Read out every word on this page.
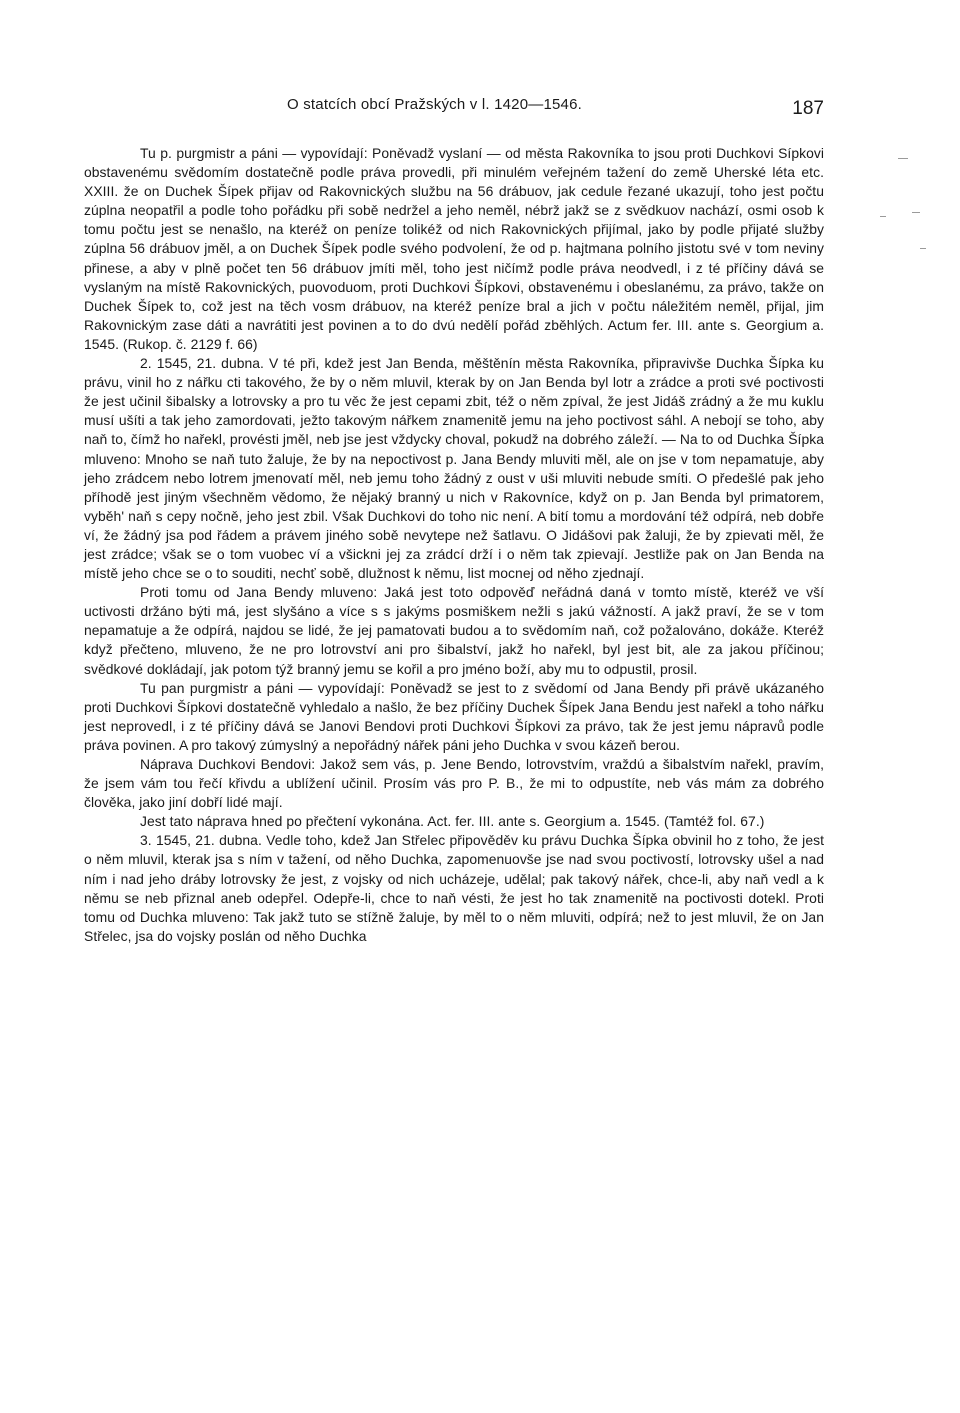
O statcích obcí Pražských v l. 1420—1546.	187

Tu p. purgmistr a páni — vypovídají: Poněvadž vyslaní — od města Rakovníka to jsou proti Duchkovi Sípkovi obstavenému svědomím dostatečně podle práva provedli, při minulém veřejném tažení do země Uherské léta etc. XXIII. že on Duchek Šípek přijav od Rakovnických službu na 56 drábuov, jak cedule řezané ukazují, toho jest počtu zúplna neopatřil a podle toho pořádku při sobě nedržel a jeho neměl, nébrž jakž se z svědkuov nachází, osmi osob k tomu počtu jest se nenašlo, na kteréž on peníze tolikéž od nich Rakovnických přijímal, jako by podle přijaté služby zúplna 56 drábuov jměl, a on Duchek Šípek podle svého podvolení, že od p. hajtmana polního jistotu své v tom neviny přinese, a aby v plně počet ten 56 drábuov jmíti měl, toho jest ničímž podle práva neodvedl, i z té příčiny dává se vyslaným na místě Rakovnických, puovoduom, proti Duchkovi Šípkovi, obstavenému i obeslanému, za právo, takže on Duchek Šípek to, což jest na těch vosm drábuov, na kteréž peníze bral a jich v počtu náležitém neměl, přijal, jim Rakovnickým zase dáti a navrátiti jest povinen a to do dvú nedělí pořád zběhlých. Actum fer. III. ante s. Georgium a. 1545. (Rukop. č. 2129 f. 66)

2. 1545, 21. dubna. V té při, kdež jest Jan Benda, měštěnín města Rakovníka, připravivše Duchka Šípka ku právu, vinil ho z nářku cti takového, že by o něm mluvil, kterak by on Jan Benda byl lotr a zrádce a proti své poctivosti že jest učinil šibalsky a lotrovsky a pro tu věc že jest cepami zbit, též o něm zpíval, že jest Jidáš zrádný a že mu kuklu musí ušíti a tak jeho zamordovati, ježto takovým nářkem znamenitě jemu na jeho poctivost sáhl. A nebojí se toho, aby naň to, čímž ho nařekl, provésti jměl, neb jse jest vždycky choval, pokudž na dobrého záleží. — Na to od Duchka Šípka mluveno: Mnoho se naň tuto žaluje, že by na nepoctivost p. Jana Bendy mluviti měl, ale on jse v tom nepamatuje, aby jeho zrádcem nebo lotrem jmenovatí měl, neb jemu toho žádný z oust v uši mluviti nebude smíti. O předešlé pak jeho příhodě jest jiným všechněm vědomo, že nějaký branný u nich v Rakovníce, když on p. Jan Benda byl primatorem, vyběh' naň s cepy nočně, jeho jest zbil. Však Duchkovi do toho nic není. A bití tomu a mordování též odpírá, neb dobře ví, že žádný jsa pod řádem a právem jiného sobě nevytepe než šatlavu. O Jidášovi pak žaluji, že by zpievati měl, že jest zrádce; však se o tom vuobec ví a všickni jej za zrádcí drží i o něm tak zpievají. Jestliže pak on Jan Benda na místě jeho chce se o to souditi, nechť sobě, dlužnost k němu, list mocnej od něho zjednají.

Proti tomu od Jana Bendy mluveno: Jaká jest toto odpověď neřádná daná v tomto místě, kteréž ve vší uctivosti držáno býti má, jest slyšáno a více s s jakýms posmiškem nežli s jakú vážností. A jakž praví, že se v tom nepamatuje a že odpírá, najdou se lidé, že jej pamatovati budou a to svědomím naň, což požalováno, dokáže. Kteréž když přečteno, mluveno, že ne pro lotrovství ani pro šibalství, jakž ho nařekl, byl jest bit, ale za jakou příčinou; svědkové dokládají, jak potom týž branný jemu se kořil a pro jméno boží, aby mu to odpustil, prosil.

Tu pan purgmistr a páni — vypovídají: Poněvadž se jest to z svědomí od Jana Bendy při právě ukázaného proti Duchkovi Šípkovi dostatečně vyhledalo a našlo, že bez příčiny Duchek Šípek Jana Bendu jest nařekl a toho nářku jest neprovedl, i z té příčiny dává se Janovi Bendovi proti Duchkovi Šípkovi za právo, tak že jest jemu nápravů podle práva povinen. A pro takový zúmyslný a nepořádný nářek páni jeho Duchka v svou kázeň berou.

Náprava Duchkovi Bendovi: Jakož sem vás, p. Jene Bendo, lotrovstvím, vraždú a šibalstvím nařekl, pravím, že jsem vám tou řečí křivdu a ublížení učinil. Prosím vás pro P. B., že mi to odpustíte, neb vás mám za dobrého člověka, jako jiní dobří lidé mají.

Jest tato náprava hned po přečtení vykonána. Act. fer. III. ante s. Georgium a. 1545. (Tamtéž fol. 67.)

3. 1545, 21. dubna. Vedle toho, kdež Jan Střelec připověděv ku právu Duchka Šípka obvinil ho z toho, že jest o něm mluvil, kterak jsa s ním v tažení, od něho Duchka, zapomenuovše jse nad svou poctivostí, lotrovsky ušel a nad ním i nad jeho dráby lotrovsky že jest, z vojsky od nich ucházeje, udělal; pak takový nářek, chce-li, aby naň vedl a k němu se neb přiznal aneb odepřel. Odepře-li, chce to naň vésti, že jest ho tak znamenitě na poctivosti dotekl. Proti tomu od Duchka mluveno: Tak jakž tuto se stížně žaluje, by měl to o něm mluviti, odpírá; než to jest mluvil, že on Jan Střelec, jsa do vojsky poslán od něho Duchka
